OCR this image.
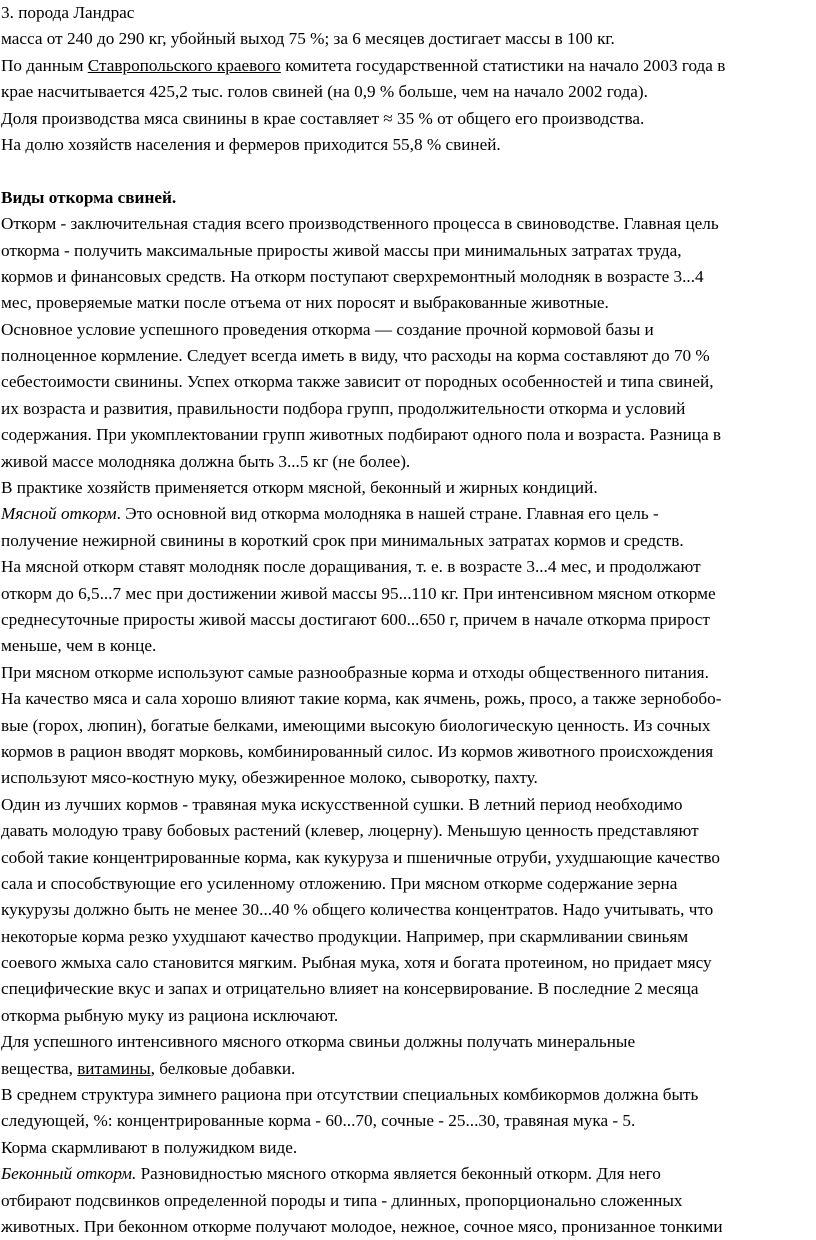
3. порода Ландрас
масса от 240 до 290 кг, убойный выход 75 %; за 6 месяцев достигает массы в 100 кг.
По данным Ставропольского краевого комитета государственной статистики на начало 2003 года в
крае насчитывается 425,2 тыс. голов свиней (на 0,9 % больше, чем на начало 2002 года).
Доля производства мяса свинины в крае составляет ≈ 35 % от общего его производства.
На долю хозяйств населения и фермеров приходится 55,8 % свиней.
Виды откорма свиней.
Откорм - заключительная стадия всего производственного процесса в свиноводстве. Главная цель
откорма - получить максимальные приросты живой массы при минимальных затратах труда,
кормов и финансовых средств. На откорм поступают сверхремонтный молодняк в возрасте 3...4
мес, проверяемые матки после отъема от них поросят и выбракованные животные.
Основное условие успешного проведения откорма — создание прочной кормовой базы и
полноценное кормление. Следует всегда иметь в виду, что расходы на корма составляют до 70 %
себестоимости свинины. Успех откорма также зависит от породных особенностей и типа свиней,
их возраста и развития, правильности подбора групп, продолжительности откорма и условий
содержания. При укомплектовании групп животных подбирают одного пола и возраста. Разница в
живой массе молодняка должна быть 3...5 кг (не более).
В практике хозяйств применяется откорм мясной, беконный и жирных кондиций.
Мясной откорм. Это основной вид откорма молодняка в нашей стране. Главная его цель -
получение нежирной свинины в короткий срок при минимальных затратах кормов и средств.
На мясной откорм ставят молодняк после доращивания, т. е. в возрасте 3...4 мес, и продолжают
откорм до 6,5...7 мес при достижении живой массы 95...110 кг. При интенсивном мясном откорме
среднесуточные приросты живой массы достигают 600...650 г, причем в начале откорма прирост
меньше, чем в конце.
При мясном откорме используют самые разнообразные корма и отходы общественного питания.
На качество мяса и сала хорошо влияют такие корма, как ячмень, рожь, просо, а также зернобобо-
вые (горох, люпин), богатые белками, имеющими высокую биологическую ценность. Из сочных
кормов в рацион вводят морковь, комбинированный силос. Из кормов животного происхождения
используют мясо-костную муку, обезжиренное молоко, сыворотку, пахту.
Один из лучших кормов - травяная мука искусственной сушки. В летний период необходимо
давать молодую траву бобовых растений (клевер, люцерну). Меньшую ценность представляют
собой такие концентрированные корма, как кукуруза и пшеничные отруби, ухудшающие качество
сала и способствующие его усиленному отложению. При мясном откорме содержание зерна
кукурузы должно быть не менее 30...40 % общего количества концентратов. Надо учитывать, что
некоторые корма резко ухудшают качество продукции. Например, при скармливании свиньям
соевого жмыха сало становится мягким. Рыбная мука, хотя и богата протеином, но придает мясу
специфические вкус и запах и отрицательно влияет на консервирование. В последние 2 месяца
откорма рыбную муку из рациона исключают.
Для успешного интенсивного мясного откорма свиньи должны получать минеральные
вещества, витамины, белковые добавки.
В среднем структура зимнего рациона при отсутствии специальных комбикормов должна быть
следующей, %: концентрированные корма - 60...70, сочные - 25...30, травяная мука - 5.
Корма скармливают в полужидком виде.
Беконный откорм. Разновидностью мясного откорма является беконный откорм. Для него
отбирают подсвинков определенной породы и типа - длинных, пропорционально сложенных
животных. При беконном откорме получают молодое, нежное, сочное мясо, пронизанное тонкими
